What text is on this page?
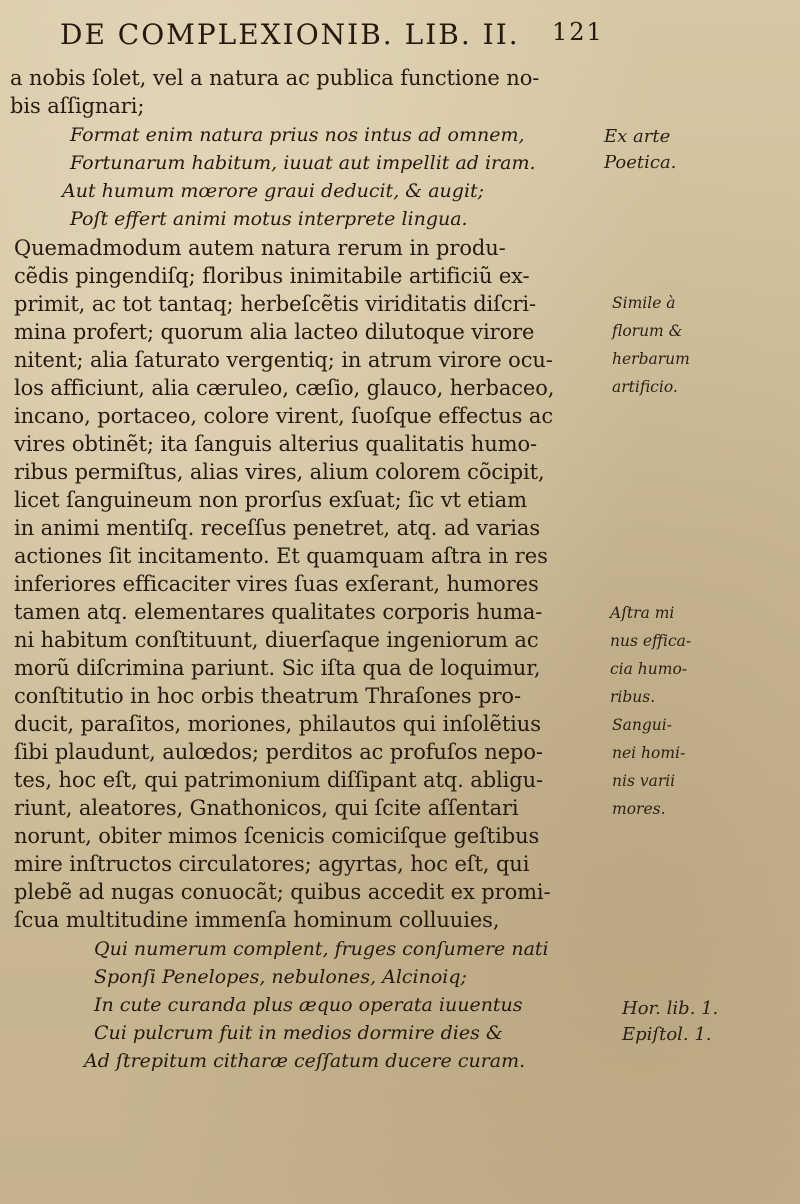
DE COMPLEXIONIB. LIB. II. 121
a nobis ſolet, vel a natura ac publica functione no-
bis aſſignari;
Format enim natura prius nos intus ad omnem,
Fortunarum habitum, iuuat aut impellit ad iram.
Aut humum mœrore graui deducit, & augit;
Poſt effert animi motus interprete lingua.
Quemadmodum autem natura rerum in produ-
cẽdis pingendiſq; floribus inimitabile artificiũ ex-
primit, ac tot tantaq; herbeſcẽtis viriditatis diſcri-
mina profert; quorum alia lacteo dilutoque virore
nitent; alia ſaturato vergentiq; in atrum virore ocu-
los afficiunt, alia cæruleo, cæſio, glauco, herbaceo,
incano, portaceo, colore virent, ſuoſque effectus ac
vires obtinẽt; ita ſanguis alterius qualitatis humo-
ribus permiſtus, alias vires, alium colorem cõcipit,
licet ſanguineum non prorſus exſuat; ſic vt etiam
in animi mentiſq. receſſus penetret, atq. ad varias
actiones ſit incitamento. Et quamquam aſtra in res
inferiores efficaciter vires ſuas exſerant, humores
tamen atq. elementares qualitates corporis huma-
ni habitum conſtituunt, diuerſaque ingeniorum ac
morũ diſcrimina pariunt. Sic iſta qua de loquimur,
conſtitutio in hoc orbis theatrum Thraſones pro-
ducit, paraſitos, moriones, philautos qui inſolẽtius
ſibi plaudunt, aulœdos; perditos ac profuſos nepo-
tes, hoc eſt, qui patrimonium diſſipant atq. abligu-
riunt, aleatores, Gnathonicos, qui ſcite aſſentari
norunt, obiter mimos ſcenicis comiciſque geſtibus
mire inſtructos circulatores; agyrtas, hoc eſt, qui
plebẽ ad nugas conuocãt; quibus accedit ex promi-
ſcua multitudine immenſa hominum colluuies,
Qui numerum complent, fruges conſumere nati
Sponſi Penelopes, nebulones, Alcinoiq;
In cute curanda plus æquo operata iuuentus
Cui pulcrum fuit in medios dormire dies &
Ad ſtrepitum citharæ ceſſatum ducere curam.
Ex arte
Poetica.
Simile à
florum &
herbarum
artificio.
Aſtra mi
nus effica-
cia humo-
ribus.
Sangui-
nei homi-
nis varii
mores.
Hor. lib. 1.
Epiſtol. 1.
